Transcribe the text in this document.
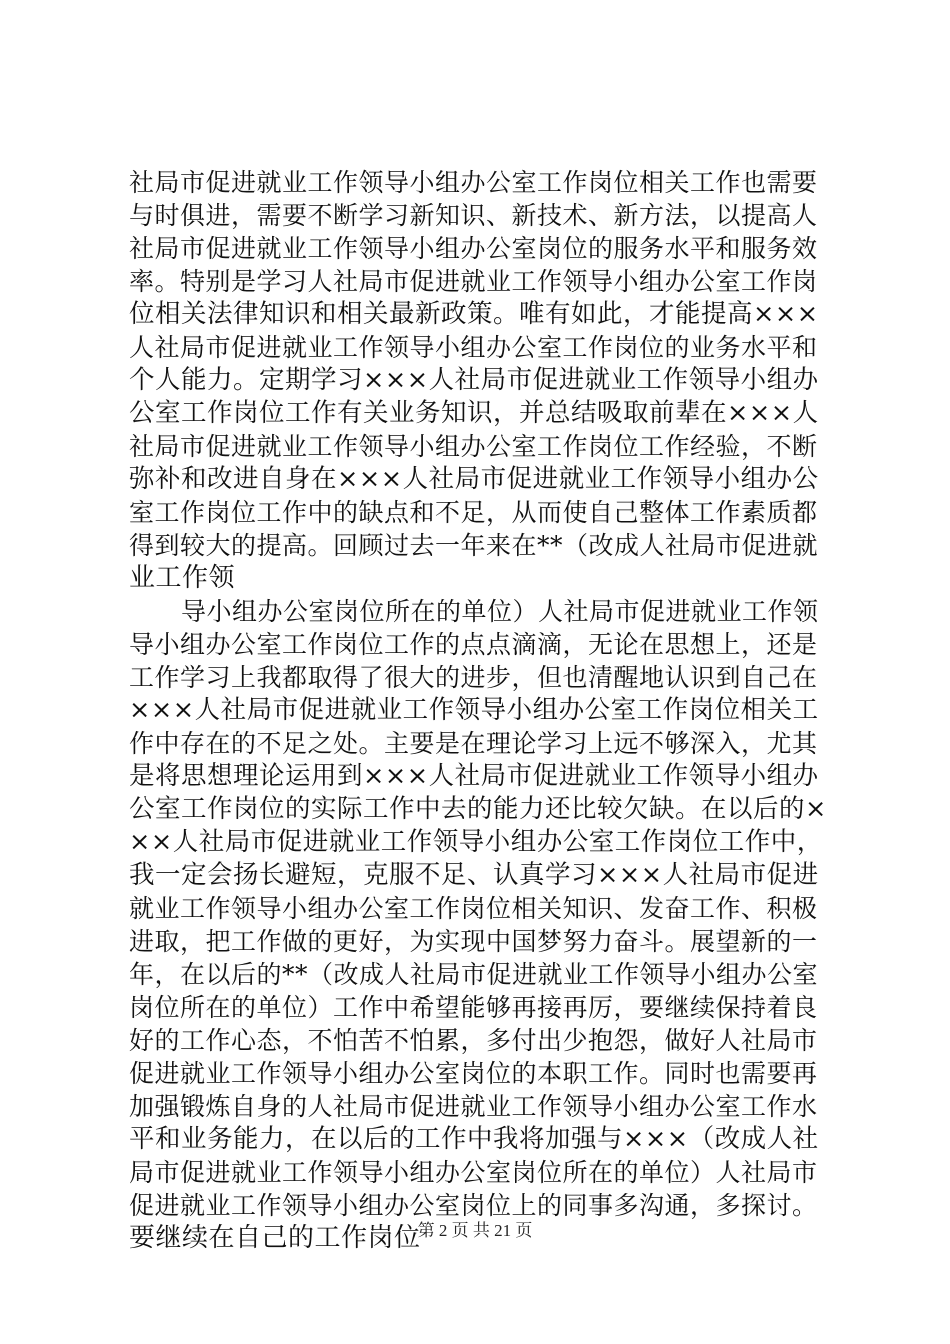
社局市促进就业工作领导小组办公室工作岗位相关工作也需要
与时俱进，需要不断学习新知识、新技术、新方法，以提高人
社局市促进就业工作领导小组办公室岗位的服务水平和服务效
率。特别是学习人社局市促进就业工作领导小组办公室工作岗
位相关法律知识和相关最新政策。唯有如此，才能提高×××
人社局市促进就业工作领导小组办公室工作岗位的业务水平和
个人能力。定期学习×××人社局市促进就业工作领导小组办
公室工作岗位工作有关业务知识，并总结吸取前辈在×××人
社局市促进就业工作领导小组办公室工作岗位工作经验，不断
弥补和改进自身在×××人社局市促进就业工作领导小组办公
室工作岗位工作中的缺点和不足，从而使自己整体工作素质都
得到较大的提高。回顾过去一年来在**（改成人社局市促进就
业工作领
导小组办公室岗位所在的单位）人社局市促进就业工作领
导小组办公室工作岗位工作的点点滴滴，无论在思想上，还是
工作学习上我都取得了很大的进步，但也清醒地认识到自己在
×××人社局市促进就业工作领导小组办公室工作岗位相关工
作中存在的不足之处。主要是在理论学习上远不够深入，尤其
是将思想理论运用到×××人社局市促进就业工作领导小组办
公室工作岗位的实际工作中去的能力还比较欠缺。在以后的×
××人社局市促进就业工作领导小组办公室工作岗位工作中，
我一定会扬长避短，克服不足、认真学习×××人社局市促进
就业工作领导小组办公室工作岗位相关知识、发奋工作、积极
进取，把工作做的更好，为实现中国梦努力奋斗。展望新的一
年，在以后的**（改成人社局市促进就业工作领导小组办公室
岗位所在的单位）工作中希望能够再接再厉，要继续保持着良
好的工作心态，不怕苦不怕累，多付出少抱怨，做好人社局市
促进就业工作领导小组办公室岗位的本职工作。同时也需要再
加强锻炼自身的人社局市促进就业工作领导小组办公室工作水
平和业务能力，在以后的工作中我将加强与×××（改成人社
局市促进就业工作领导小组办公室岗位所在的单位）人社局市
促进就业工作领导小组办公室岗位上的同事多沟通，多探讨。
要继续在自己的工作岗位
第 2 页 共 21 页
